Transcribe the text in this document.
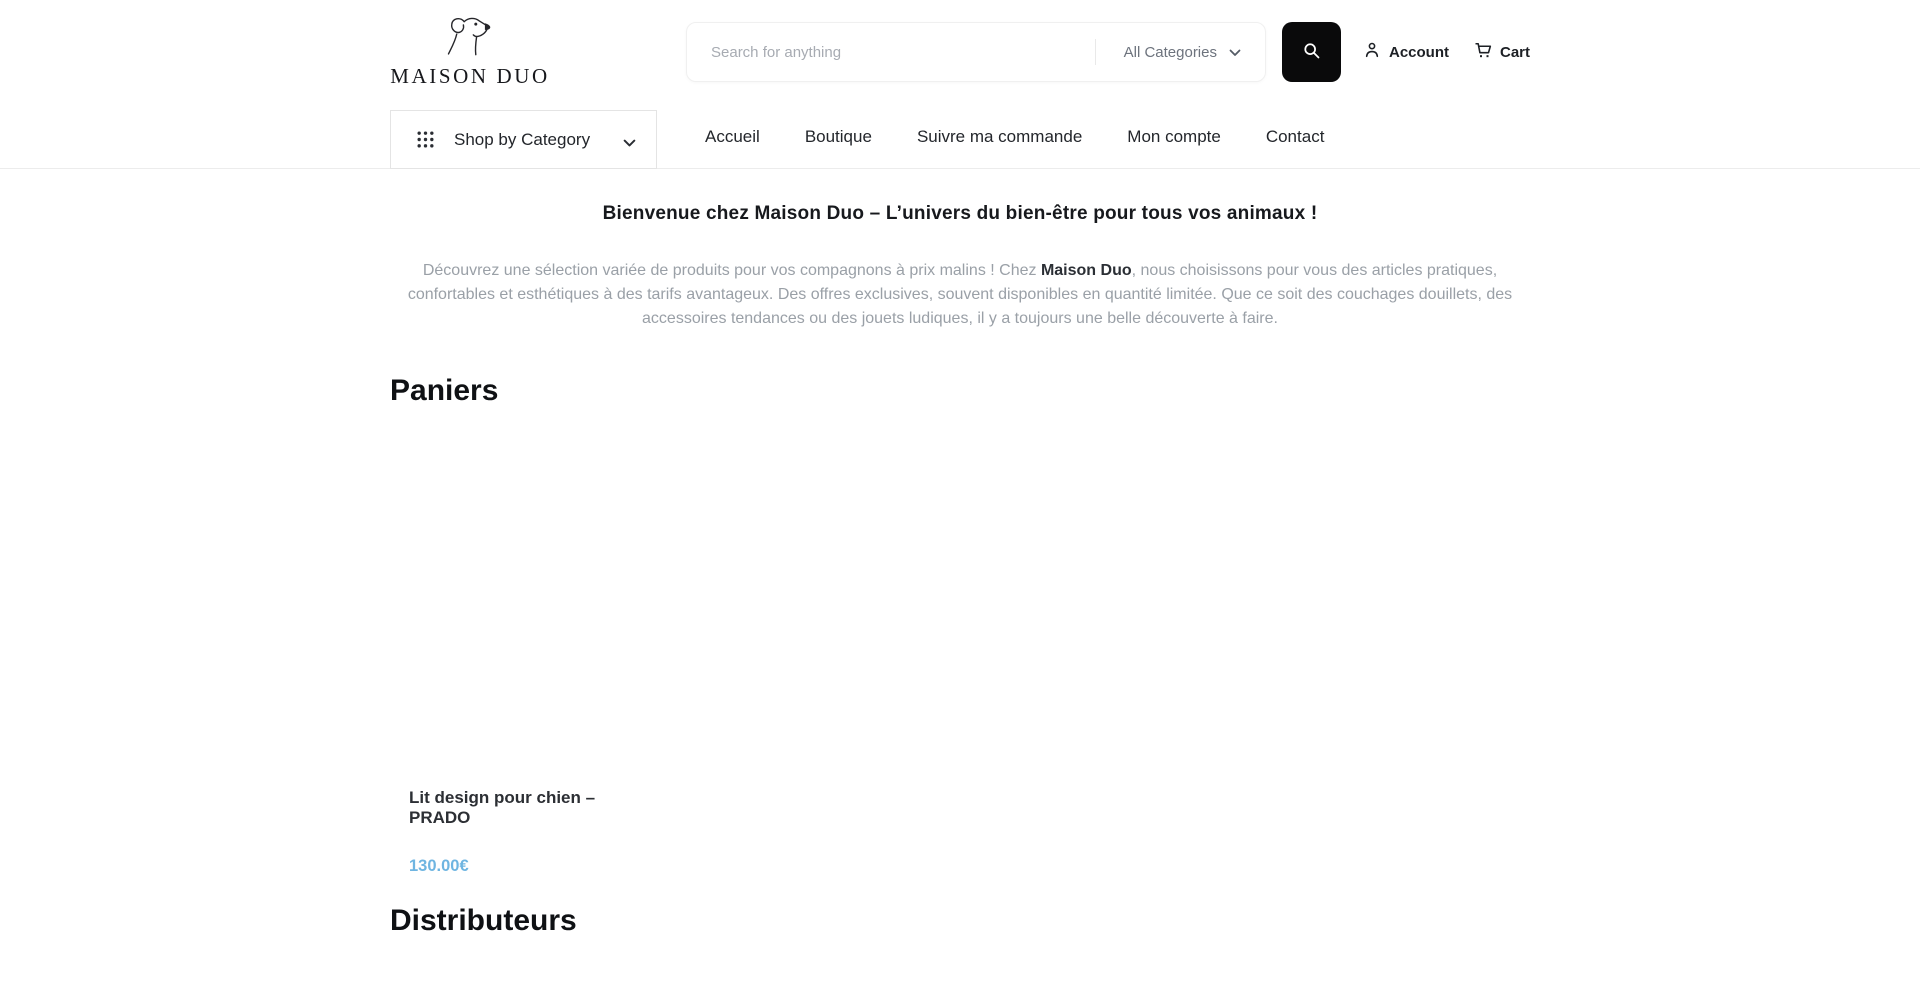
MAISON DUO
Search for anything
All Categories	Account	Cart
Shop by Category	Accueil	Boutique	Suivre ma commande	Mon compte	Contact
Bienvenue chez Maison Duo – L’univers du bien-être pour tous vos animaux !

Découvrez une sélection variée de produits pour vos compagnons à prix malins ! Chez Maison Duo, nous choisissons pour vous des articles pratiques, confortables et esthétiques à des tarifs avantageux. Des offres exclusives, souvent disponibles en quantité limitée. Que ce soit des couchages douillets, des accessoires tendances ou des jouets ludiques, il y a toujours une belle découverte à faire.

Paniers
Lit design pour chien – PRADO
130.00€
Distributeurs
